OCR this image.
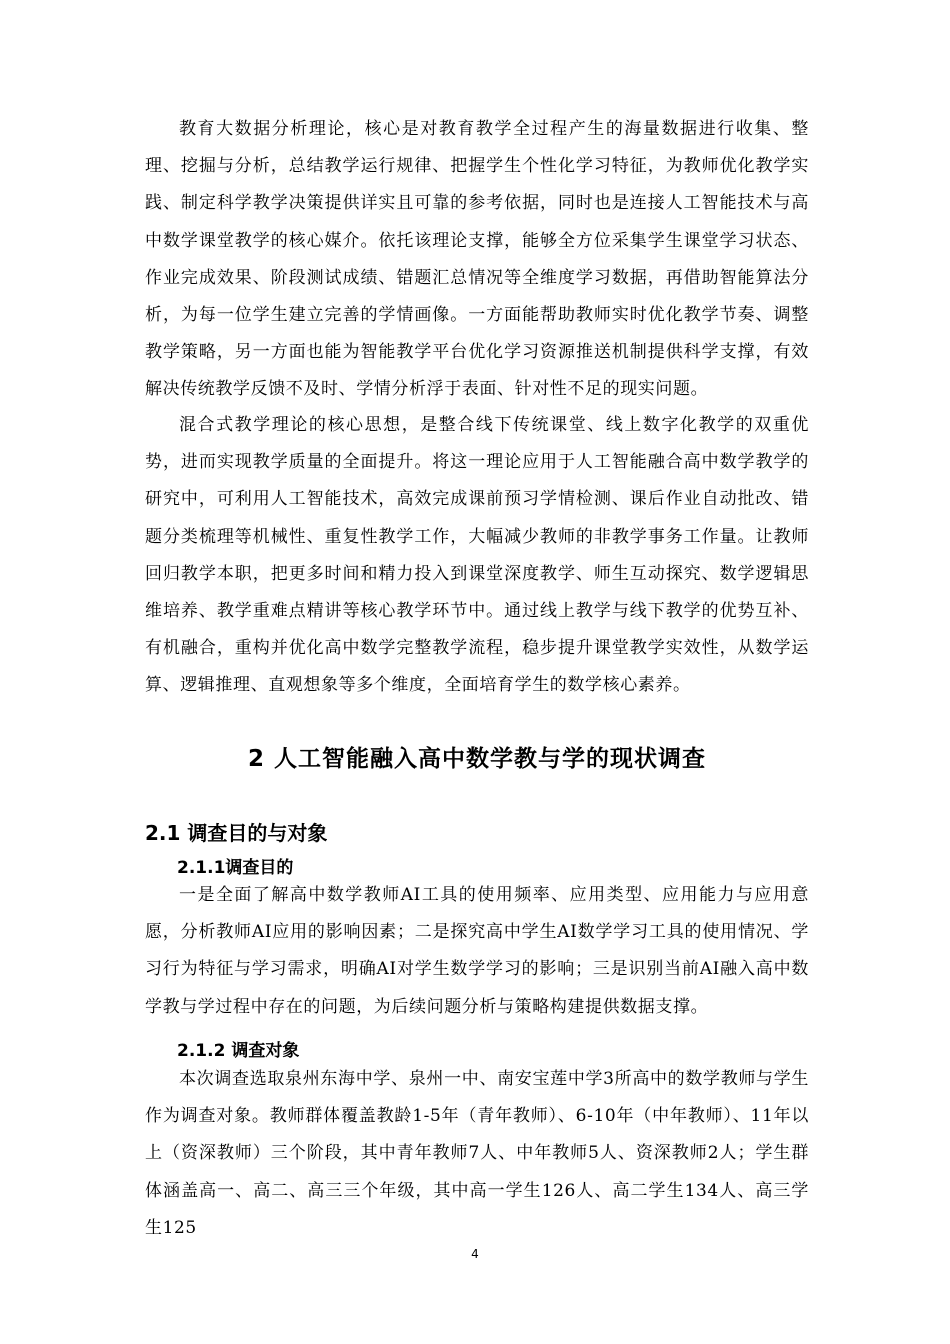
教育大数据分析理论，核心是对教育教学全过程产生的海量数据进行收集、整理、挖掘与分析，总结教学运行规律、把握学生个性化学习特征，为教师优化教学实践、制定科学教学决策提供详实且可靠的参考依据，同时也是连接人工智能技术与高中数学课堂教学的核心媒介。依托该理论支撑，能够全方位采集学生课堂学习状态、作业完成效果、阶段测试成绩、错题汇总情况等全维度学习数据，再借助智能算法分析，为每一位学生建立完善的学情画像。一方面能帮助教师实时优化教学节奏、调整教学策略，另一方面也能为智能教学平台优化学习资源推送机制提供科学支撑，有效解决传统教学反馈不及时、学情分析浮于表面、针对性不足的现实问题。

混合式教学理论的核心思想，是整合线下传统课堂、线上数字化教学的双重优势，进而实现教学质量的全面提升。将这一理论应用于人工智能融合高中数学教学的研究中，可利用人工智能技术，高效完成课前预习学情检测、课后作业自动批改、错题分类梳理等机械性、重复性教学工作，大幅减少教师的非教学事务工作量。让教师回归教学本职，把更多时间和精力投入到课堂深度教学、师生互动探究、数学逻辑思维培养、教学重难点精讲等核心教学环节中。通过线上教学与线下教学的优势互补、有机融合，重构并优化高中数学完整教学流程，稳步提升课堂教学实效性，从数学运算、逻辑推理、直观想象等多个维度，全面培育学生的数学核心素养。

2 人工智能融入高中数学教与学的现状调查
2.1 调查目的与对象
2.1.1调查目的

一是全面了解高中数学教师AI工具的使用频率、应用类型、应用能力与应用意愿，分析教师AI应用的影响因素；二是探究高中学生AI数学学习工具的使用情况、学习行为特征与学习需求，明确AI对学生数学学习的影响；三是识别当前AI融入高中数学教与学过程中存在的问题，为后续问题分析与策略构建提供数据支撑。

2.1.2 调查对象

本次调查选取泉州东海中学、泉州一中、南安宝莲中学3所高中的数学教师与学生作为调查对象。教师群体覆盖教龄1-5年（青年教师）、6-10年（中年教师）、11年以上（资深教师）三个阶段，其中青年教师7人、中年教师5人、资深教师2人；学生群体涵盖高一、高二、高三三个年级，其中高一学生126人、高二学生134人、高三学生125

4
